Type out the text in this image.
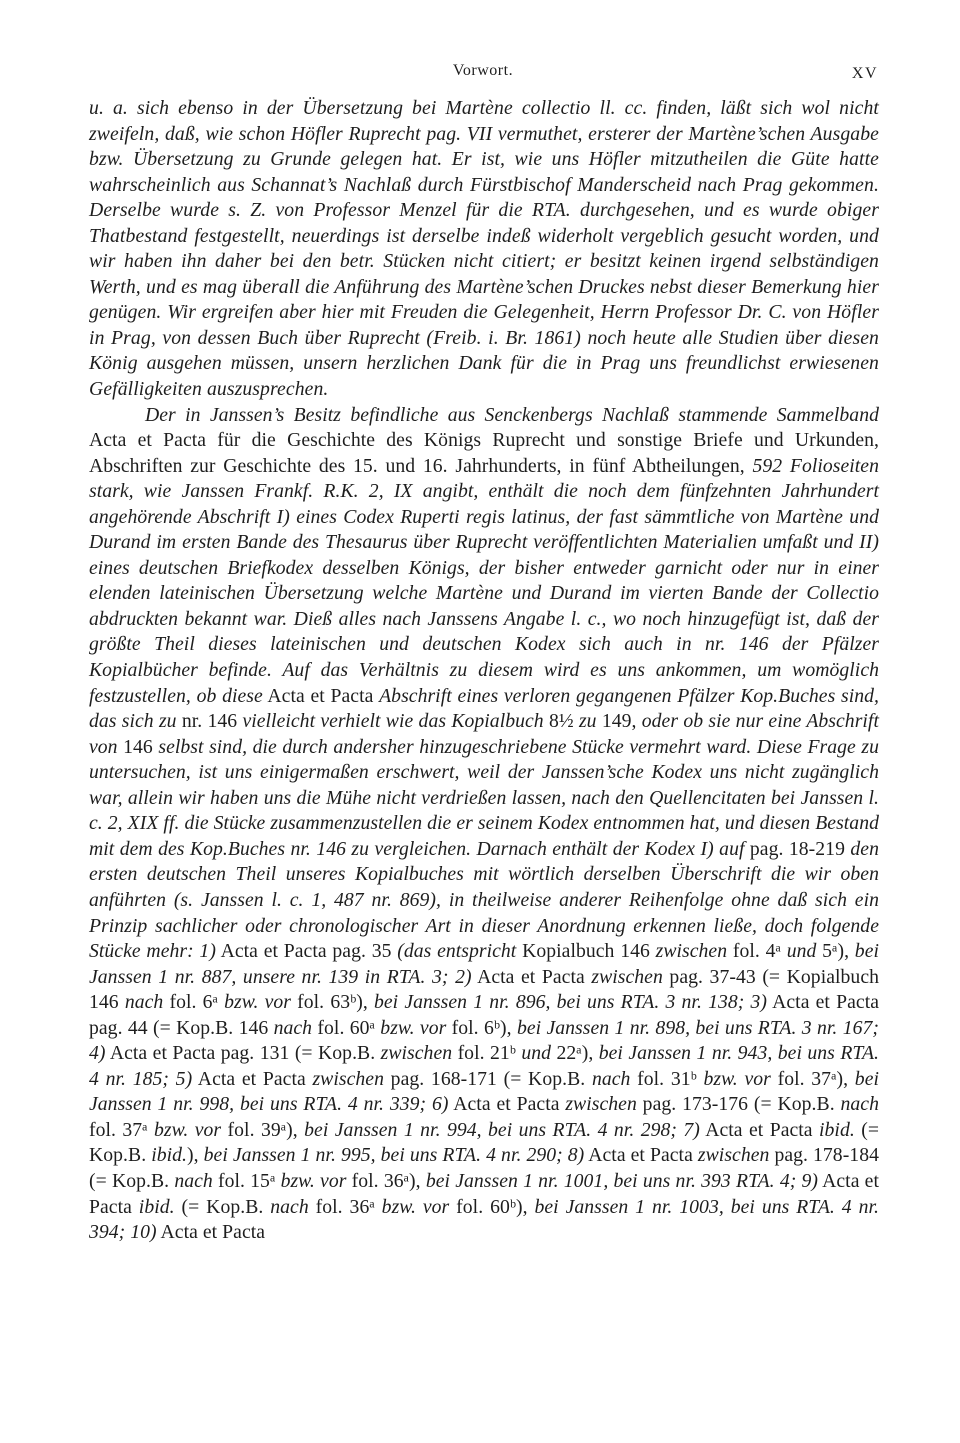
Vorwort.	XV

u. a. sich ebenso in der Übersetzung bei Martène collectio ll. cc. finden, läßt sich wol nicht zweifeln, daß, wie schon Höfler Ruprecht pag. VII vermuthet, ersterer der Martène’schen Ausgabe bzw. Übersetzung zu Grunde gelegen hat. Er ist, wie uns Höfler mitzutheilen die Güte hatte wahrscheinlich aus Schannat’s Nachlaß durch Fürstbischof Manderscheid nach Prag gekommen. Derselbe wurde s. Z. von Professor Menzel für die RTA. durchgesehen, und es wurde obiger Thatbestand festgestellt, neuerdings ist derselbe indeß widerholt vergeblich gesucht worden, und wir haben ihn daher bei den betr. Stücken nicht citiert; er besitzt keinen irgend selbständigen Werth, und es mag überall die Anführung des Martène’schen Druckes nebst dieser Bemerkung hier genügen. Wir ergreifen aber hier mit Freuden die Gelegenheit, Herrn Professor Dr. C. von Höfler in Prag, von dessen Buch über Ruprecht (Freib. i. Br. 1861) noch heute alle Studien über diesen König ausgehen müssen, unsern herzlichen Dank für die in Prag uns freundlichst erwiesenen Gefälligkeiten auszusprechen.

Der in Janssen’s Besitz befindliche aus Senckenbergs Nachlaß stammende Sammelband Acta et Pacta für die Geschichte des Königs Ruprecht und sonstige Briefe und Urkunden, Abschriften zur Geschichte des 15. und 16. Jahrhunderts, in fünf Abtheilungen, 592 Folioseiten stark, wie Janssen Frankf. R.K. 2, IX angibt, enthält die noch dem fünfzehnten Jahrhundert angehörende Abschrift I) eines Codex Ruperti regis latinus, der fast sämmtliche von Martène und Durand im ersten Bande des Thesaurus über Ruprecht veröffentlichten Materialien umfaßt und II) eines deutschen Briefkodex desselben Königs, der bisher entweder garnicht oder nur in einer elenden lateinischen Übersetzung welche Martène und Durand im vierten Bande der Collectio abdruckten bekannt war. Dieß alles nach Janssens Angabe l. c., wo noch hinzugefügt ist, daß der größte Theil dieses lateinischen und deutschen Kodex sich auch in nr. 146 der Pfälzer Kopialbücher befinde. Auf das Verhältnis zu diesem wird es uns ankommen, um womöglich festzustellen, ob diese Acta et Pacta Abschrift eines verloren gegangenen Pfälzer Kop.Buches sind, das sich zu nr. 146 vielleicht verhielt wie das Kopialbuch 8½ zu 149, oder ob sie nur eine Abschrift von 146 selbst sind, die durch andersher hinzugeschriebene Stücke vermehrt ward. Diese Frage zu untersuchen, ist uns einigermaßen erschwert, weil der Janssen’sche Kodex uns nicht zugänglich war, allein wir haben uns die Mühe nicht verdrießen lassen, nach den Quellencitaten bei Janssen l. c. 2, XIX ff. die Stücke zusammenzustellen die er seinem Kodex entnommen hat, und diesen Bestand mit dem des Kop.Buches nr. 146 zu vergleichen. Darnach enthält der Kodex I) auf pag. 18-219 den ersten deutschen Theil unseres Kopialbuches mit wörtlich derselben Überschrift die wir oben anführten (s. Janssen l. c. 1, 487 nr. 869), in theilweise anderer Reihenfolge ohne daß sich ein Prinzip sachlicher oder chronologischer Art in dieser Anordnung erkennen ließe, doch folgende Stücke mehr: 1) Acta et Pacta pag. 35 (das entspricht Kopialbuch 146 zwischen fol. 4ᵃ und 5ᵃ), bei Janssen 1 nr. 887, unsere nr. 139 in RTA. 3; 2) Acta et Pacta zwischen pag. 37-43 (= Kopialbuch 146 nach fol. 6ᵃ bzw. vor fol. 63ᵇ), bei Janssen 1 nr. 896, bei uns RTA. 3 nr. 138; 3) Acta et Pacta pag. 44 (= Kop.B. 146 nach fol. 60ᵃ bzw. vor fol. 6ᵇ), bei Janssen 1 nr. 898, bei uns RTA. 3 nr. 167; 4) Acta et Pacta pag. 131 (= Kop.B. zwischen fol. 21ᵇ und 22ᵃ), bei Janssen 1 nr. 943, bei uns RTA. 4 nr. 185; 5) Acta et Pacta zwischen pag. 168-171 (= Kop.B. nach fol. 31ᵇ bzw. vor fol. 37ᵃ), bei Janssen 1 nr. 998, bei uns RTA. 4 nr. 339; 6) Acta et Pacta zwischen pag. 173-176 (= Kop.B. nach fol. 37ᵃ bzw. vor fol. 39ᵃ), bei Janssen 1 nr. 994, bei uns RTA. 4 nr. 298; 7) Acta et Pacta ibid. (= Kop.B. ibid.), bei Janssen 1 nr. 995, bei uns RTA. 4 nr. 290; 8) Acta et Pacta zwischen pag. 178-184 (= Kop.B. nach fol. 15ᵃ bzw. vor fol. 36ᵃ), bei Janssen 1 nr. 1001, bei uns nr. 393 RTA. 4; 9) Acta et Pacta ibid. (= Kop.B. nach fol. 36ᵃ bzw. vor fol. 60ᵇ), bei Janssen 1 nr. 1003, bei uns RTA. 4 nr. 394; 10) Acta et Pacta
